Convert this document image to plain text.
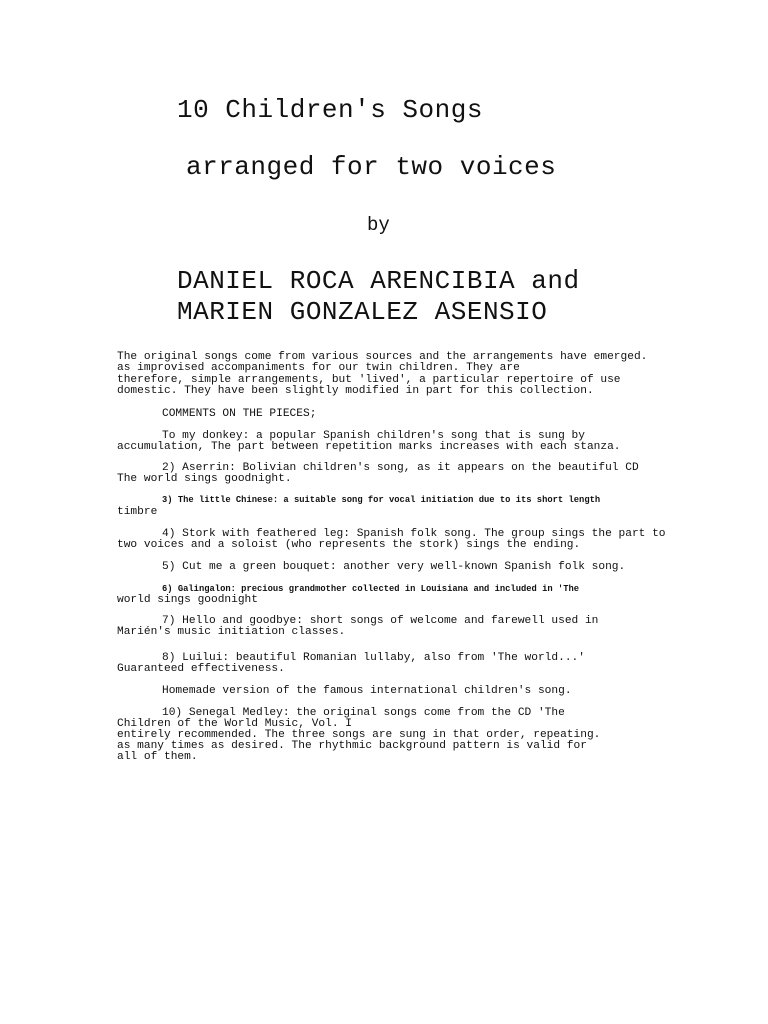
10 Children's Songs
arranged for two voices
by
DANIEL ROCA ARENCIBIA and
MARIEN GONZALEZ ASENSIO
The original songs come from various sources and the arrangements have emerged.
as improvised accompaniments for our twin children. They are
therefore, simple arrangements, but 'lived', a particular repertoire of use
domestic. They have been slightly modified in part for this collection.
COMMENTS ON THE PIECES;
To my donkey: a popular Spanish children's song that is sung by
accumulation, The part between repetition marks increases with each stanza.
2) Aserrin: Bolivian children's song, as it appears on the beautiful CD
The world sings goodnight.
3) The little Chinese: a suitable song for vocal initiation due to its short length
timbre
4) Stork with feathered leg: Spanish folk song. The group sings the part to
two voices and a soloist (who represents the stork) sings the ending.
5) Cut me a green bouquet: another very well-known Spanish folk song.
6) Galingalon: precious grandmother collected in Louisiana and included in 'The
world sings goodnight
7) Hello and goodbye: short songs of welcome and farewell used in
Marién's music initiation classes.
8) Luilui: beautiful Romanian lullaby, also from 'The world...'
Guaranteed effectiveness.
Homemade version of the famous international children's song.
10) Senegal Medley: the original songs come from the CD 'The
Children of the World Music, Vol. I
entirely recommended. The three songs are sung in that order, repeating.
as many times as desired. The rhythmic background pattern is valid for
all of them.
